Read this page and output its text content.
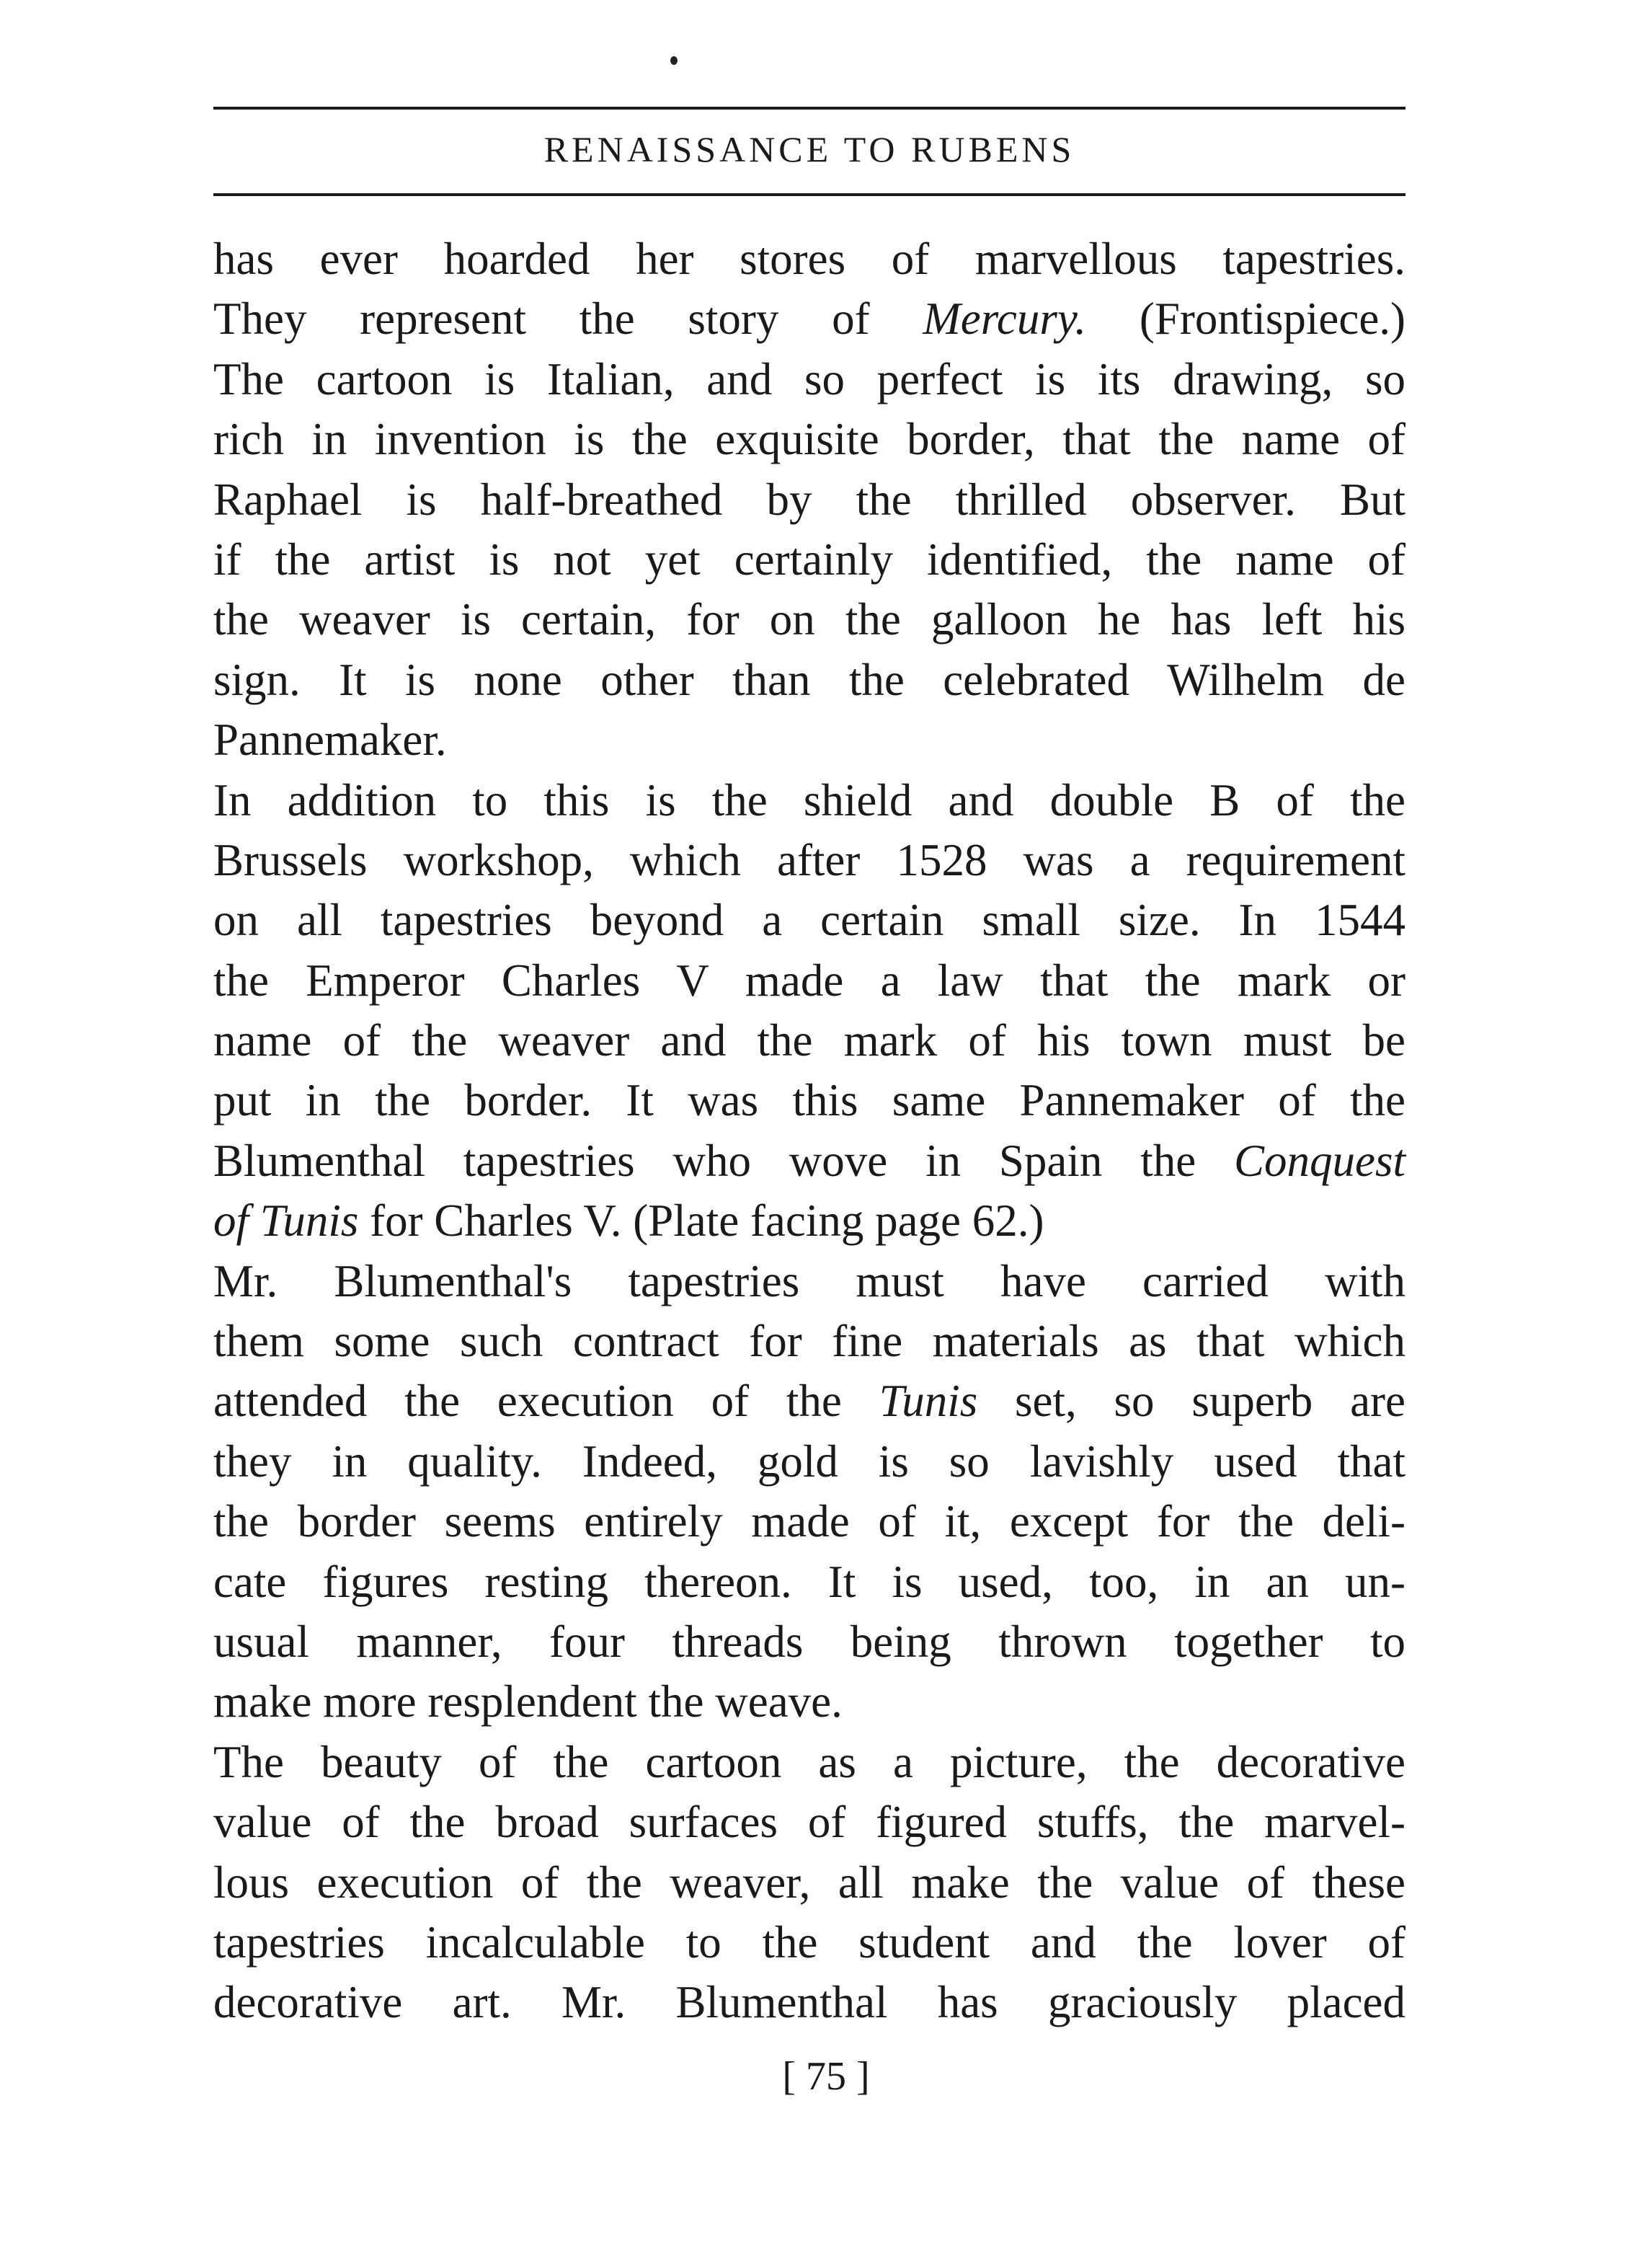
RENAISSANCE TO RUBENS
has ever hoarded her stores of marvellous tapestries.
They represent the story of Mercury. (Frontispiece.)
The cartoon is Italian, and so perfect is its drawing, so
rich in invention is the exquisite border, that the name of
Raphael is half-breathed by the thrilled observer. But
if the artist is not yet certainly identified, the name of
the weaver is certain, for on the galloon he has left his
sign. It is none other than the celebrated Wilhelm de
Pannemaker.
In addition to this is the shield and double B of the
Brussels workshop, which after 1528 was a requirement
on all tapestries beyond a certain small size. In 1544
the Emperor Charles V made a law that the mark or
name of the weaver and the mark of his town must be
put in the border. It was this same Pannemaker of the
Blumenthal tapestries who wove in Spain the Conquest
of Tunis for Charles V. (Plate facing page 62.)
Mr. Blumenthal's tapestries must have carried with
them some such contract for fine materials as that which
attended the execution of the Tunis set, so superb are
they in quality. Indeed, gold is so lavishly used that
the border seems entirely made of it, except for the deli-
cate figures resting thereon. It is used, too, in an un-
usual manner, four threads being thrown together to
make more resplendent the weave.
The beauty of the cartoon as a picture, the decorative
value of the broad surfaces of figured stuffs, the marvel-
lous execution of the weaver, all make the value of these
tapestries incalculable to the student and the lover of
decorative art. Mr. Blumenthal has graciously placed
[ 75 ]
